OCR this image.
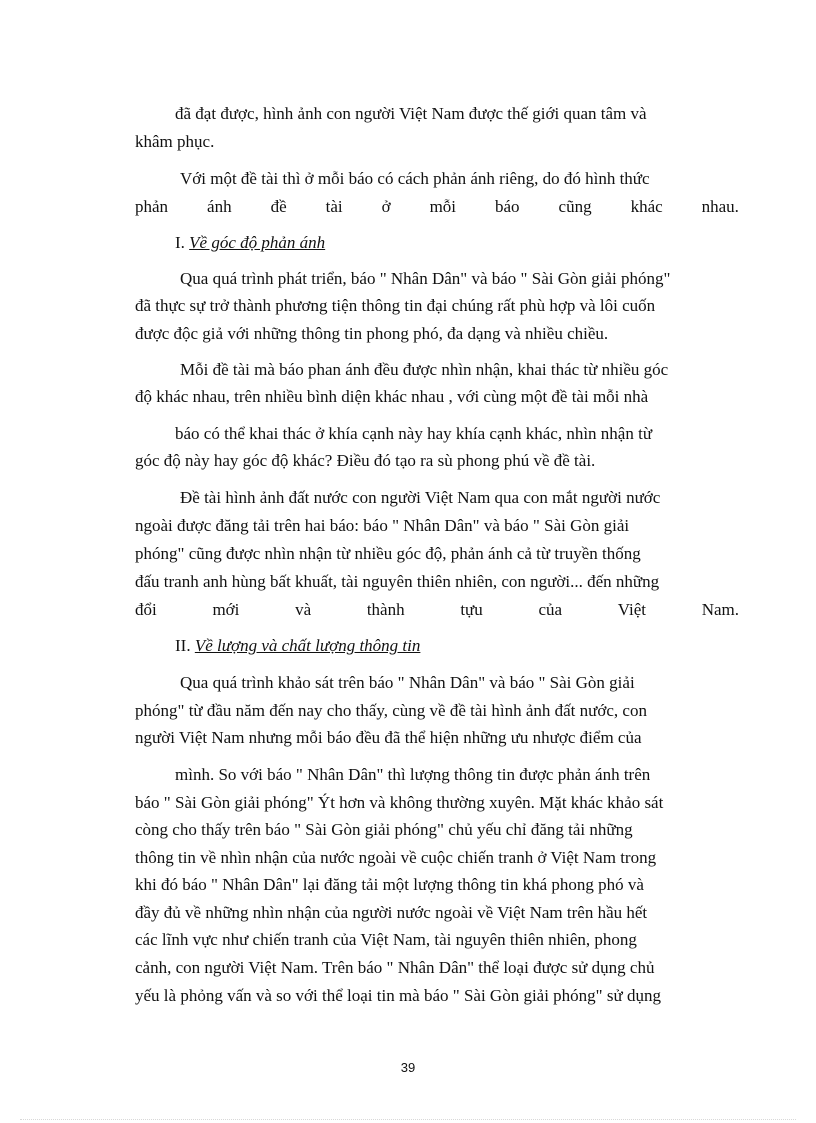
đã đạt được, hình ảnh con người Việt Nam được thế giới quan tâm và
khâm phục.
Với một đề tài thì ở mỗi báo có cách phản ánh riêng, do đó hình thức
phản ánh đề tài ở mỗi báo cũng khác nhau.
I. Về góc độ phản ánh
Qua quá trình phát triển, báo " Nhân Dân" và báo " Sài Gòn giải phóng"
đã thực sự trở thành phương tiện thông tin đại chúng rất phù hợp và lôi cuốn
được độc giả với những thông tin phong phó, đa dạng và nhiều chiều.
Mỗi đề tài mà báo phan ánh đều được nhìn nhận, khai thác từ nhiều góc
độ khác nhau, trên nhiều bình diện khác nhau , với cùng một đề tài mỗi nhà
báo có thể khai thác ở khía cạnh này hay khía cạnh khác, nhìn nhận từ
góc độ này hay góc độ khác? Điều đó tạo ra sù phong phú về đề tài.
Đề tài hình ảnh đất nước con người Việt Nam qua con mắt người nước
ngoài được đăng tải trên hai báo: báo " Nhân Dân" và báo " Sài Gòn giải
phóng" cũng được nhìn nhận từ nhiều góc độ, phản ánh cả từ truyền thống
đấu tranh anh hùng bất khuất, tài nguyên thiên nhiên, con người... đến những
đổi	mới	và	thành	tựu	của	Việt	Nam.
II. Về lượng và chất lượng thông tin
Qua quá trình khảo sát trên báo " Nhân Dân" và báo " Sài Gòn giải
phóng" từ đầu năm đến nay cho thấy, cùng về đề tài hình ảnh đất nước, con
người Việt Nam nhưng mỗi báo đều đã thể hiện những ưu nhược điểm của
mình. So với báo " Nhân Dân" thì lượng thông tin được phản ánh trên
báo " Sài Gòn giải phóng" Ýt hơn và không thường xuyên. Mặt khác khảo sát
còng cho thấy trên báo " Sài Gòn giải phóng" chủ yếu chỉ đăng tải những
thông tin về nhìn nhận của nước ngoài về cuộc chiến tranh ở Việt Nam trong
khi đó báo " Nhân Dân" lại đăng tải một lượng thông tin khá phong phó và
đầy đủ về những nhìn nhận của người nước ngoài về Việt Nam trên hầu hết
các lĩnh vực như chiến tranh của Việt Nam, tài nguyên thiên nhiên, phong
cảnh, con người Việt Nam. Trên báo " Nhân Dân" thể loại được sử dụng chủ
yếu là phỏng vấn và so với thể loại tin mà báo " Sài Gòn giải phóng" sử dụng
39
